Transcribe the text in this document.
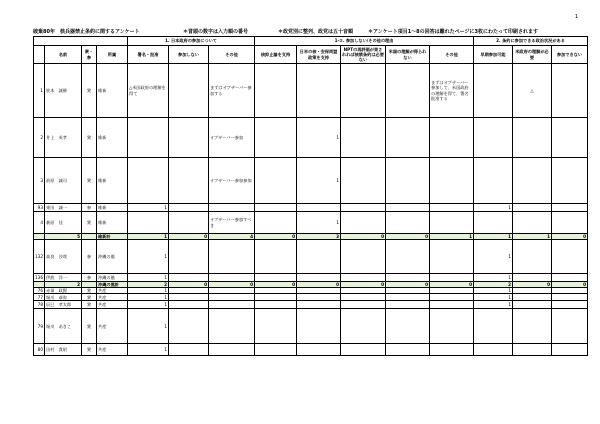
1
破棄80年　核兵器禁止条約に関するアンケート	＊冒頭の数字は入力順の番号	＊政党別に整列、政党は五十音順	＊アンケート項目1～8の回答は離れたページに3枚にわたって印刷されます
				1. 日本政府の参加について			1-②. 参加しない/その他の理由					2. 条約に参加できる政治状況がある		
	名前	衆・参	所属	署名・批准	参加しない	その他	核抑止論を支持	日米の核・安保同盟政策を支持	NPTの再評価が果されれば核禁条約は必要ない	米国の理解が得られない	その他	早期参加可能	米政府の理解が必要	参加できない
1	笹本　誠勝	衆	維新	△米国政府の理解を得て		まずはオブザーバー参加する					まずはオブザーバー参加して、米国政府の理解を得て、署名批准する		△	
2	井上　英孝	衆	維新			オブザーバー参加		1						
3	前原　誠司	衆	維新			オブザーバー参加参加		1						
93	東田　誠一	参	維新	1								1		
4	萩原　佳	衆	維新			オブザーバー参加すべき		1						
	5		維新計	1	0	4	0	3	0	0	1	1	1	0
132	高良　沙哉	参	沖縄の風	1								1		
136	伊波　洋一	参	沖縄の風	1								1		
	2		沖縄の風計	2	0	0	0	0	0	0	0	2	0	0
76	赤嶺　政賢	衆	共産	1								1		
77	堀川　恭弥	衆	共産	1								1		
78	辰巳　孝太郎	衆	共産	1								1		
79	堀川　あきこ	衆	共産	1										
80	田村　貴昭	衆	共産	1										
